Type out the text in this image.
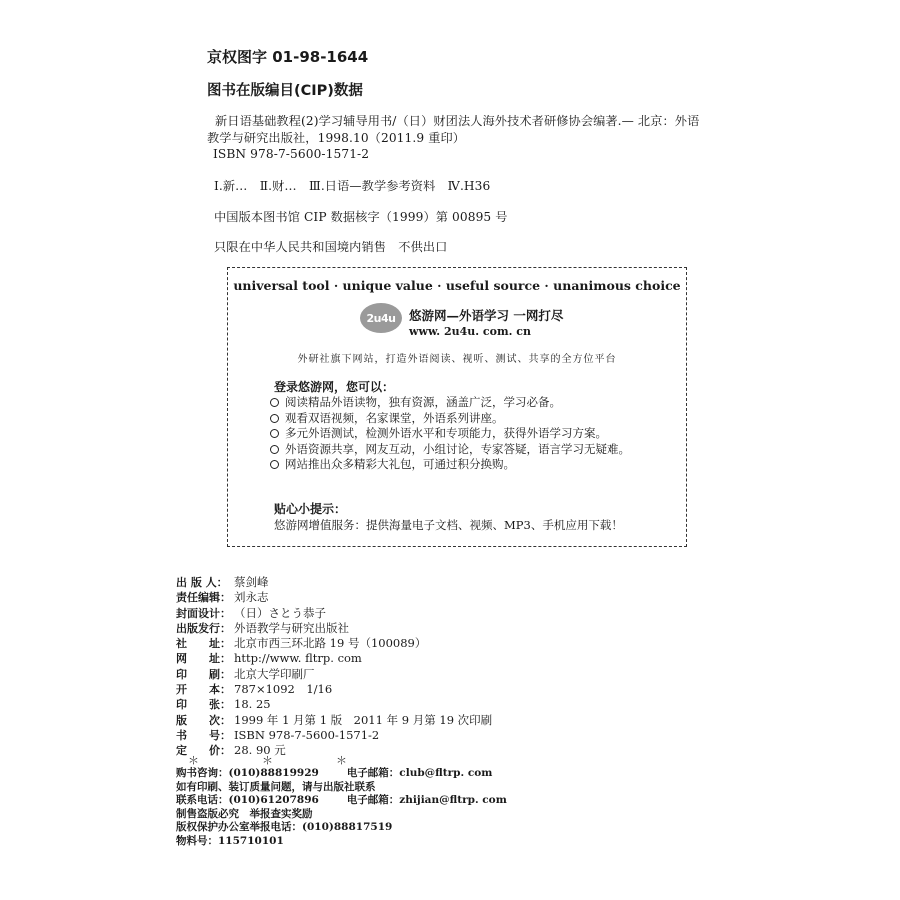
京权图字 01-98-1644
图书在版编目(CIP)数据
新日语基础教程(2)学习辅导用书/（日）财团法人海外技术者研修协会编著.— 北京：外语
教学与研究出版社，1998.10（2011.9 重印）
ISBN 978-7-5600-1571-2
Ⅰ.新…　Ⅱ.财…　Ⅲ.日语—教学参考资料　Ⅳ.H36
中国版本图书馆 CIP 数据核字（1999）第 00895 号
只限在中华人民共和国境内销售　不供出口
universal tool · unique value · useful source · unanimous choice
2u4u 悠游网—外语学习 一网打尽
www. 2u4u. com. cn
外研社旗下网站，打造外语阅读、视听、测试、共享的全方位平台
登录悠游网，您可以：
阅读精品外语读物，独有资源，涵盖广泛，学习必备。
观看双语视频，名家课堂，外语系列讲座。
多元外语测试，检测外语水平和专项能力，获得外语学习方案。
外语资源共享，网友互动，小组讨论，专家答疑，语言学习无疑难。
网站推出众多精彩大礼包，可通过积分换购。
贴心小提示：
悠游网增值服务：提供海量电子文档、视频、MP3、手机应用下载！
出 版 人： 蔡剑峰
责任编辑： 刘永志
封面设计： （日）さとう恭子
出版发行： 外语教学与研究出版社
社　　址： 北京市西三环北路 19 号（100089）
网　　址： http://www. fltrp. com
印　　刷： 北京大学印刷厂
开　　本： 787×1092　1/16
印　　张： 18. 25
版　　次： 1999 年 1 月第 1 版　2011 年 9 月第 19 次印刷
书　　号： ISBN 978-7-5600-1571-2
定　　价： 28. 90 元
＊　＊　＊
购书咨询：(010)88819929	电子邮箱：club@fltrp. com
如有印刷、装订质量问题，请与出版社联系
联系电话：(010)61207896	电子邮箱：zhijian@fltrp. com
制售盗版必究　举报查实奖励
版权保护办公室举报电话：(010)88817519
物料号：115710101
